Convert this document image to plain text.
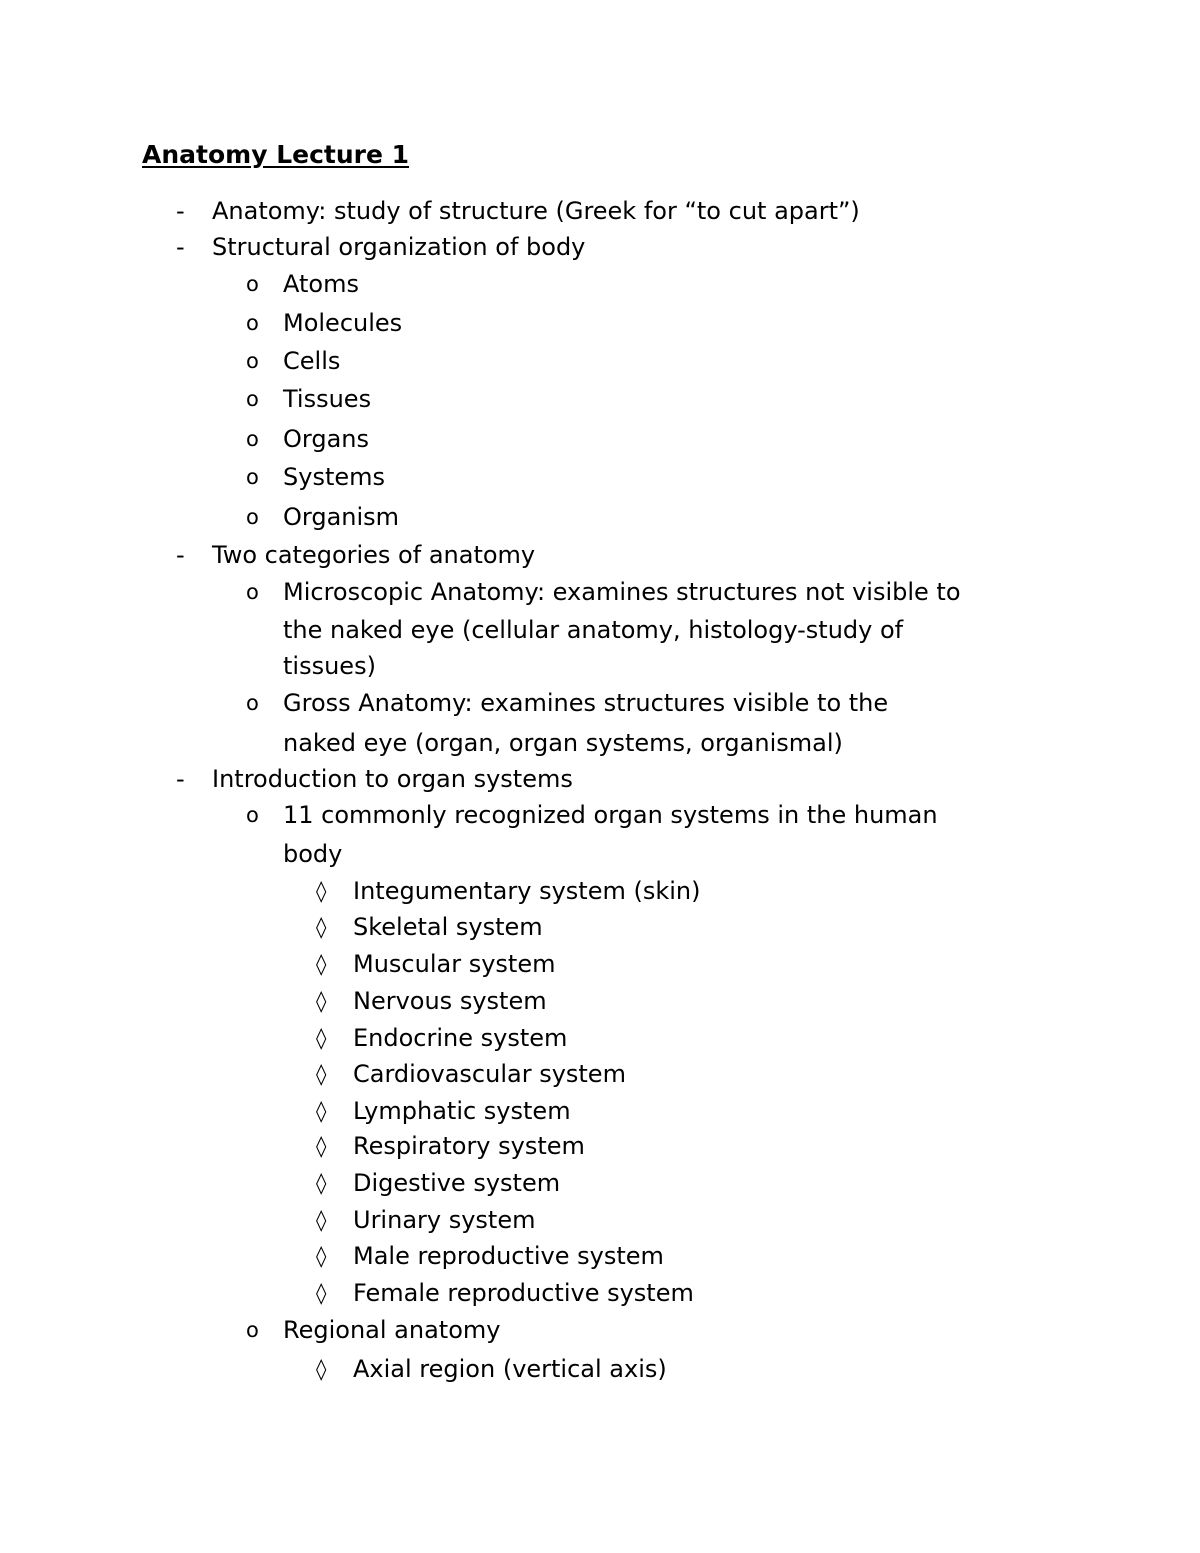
Anatomy Lecture 1
- Anatomy: study of structure (Greek for “to cut apart”)
- Structural organization of body
o Atoms
o Molecules
o Cells
o Tissues
o Organs
o Systems
o Organism
- Two categories of anatomy
o Microscopic Anatomy: examines structures not visible to
the naked eye (cellular anatomy, histology-study of
tissues)
o Gross Anatomy: examines structures visible to the
naked eye (organ, organ systems, organismal)
- Introduction to organ systems
o 11 commonly recognized organ systems in the human
body
◊ Integumentary system (skin)
◊ Skeletal system
◊ Muscular system
◊ Nervous system
◊ Endocrine system
◊ Cardiovascular system
◊ Lymphatic system
◊ Respiratory system
◊ Digestive system
◊ Urinary system
◊ Male reproductive system
◊ Female reproductive system
o Regional anatomy
◊ Axial region (vertical axis)
